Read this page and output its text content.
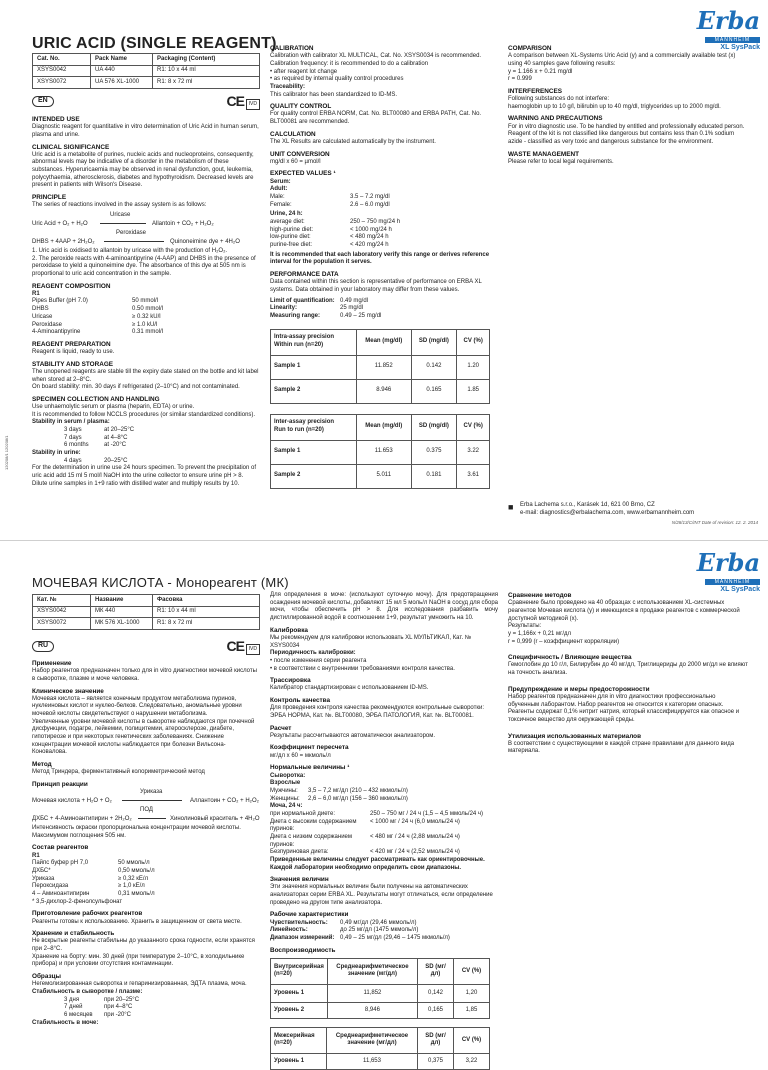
URIC ACID (SINGLE REAGENT)
Cat. No.	Pack Name	Packaging (Content)
XSYS0042	UA 440	R1: 10 x 44 ml
XSYS0072	UA 576 XL-1000	R1: 8 x 72 ml
EN	CE IVD
INTENDED USE
Diagnostic reagent for quantitative in vitro determination of Uric Acid in human serum, plasma and urine.
CLINICAL SIGNIFICANCE
Uric acid is a metabolite of purines, nucleic acids and nucleoproteins, consequently, abnormal levels may be indicative of a disorder in the metabolism of these substances. Hyperuricaemia may be observed in renal dysfunction, gout, leukemia, polycythaemia, atherosclerosis, diabetes and hypothyroidism. Decreased levels are present in patients with Wilson's Disease.
PRINCIPLE
The series of reactions involved in the assay system is as follows:
Uricase
Uric Acid + O₂ + H₂O	Allantoin + CO₂ + H₂O₂
Peroxidase
DHBS + 4AAP + 2H₂O₂	Quinoneimine dye + 4H₂O
1. Uric acid is oxidised to allantoin by uricase with the production of H₂O₂.
2. The peroxide reacts with 4-aminoantipyrine (4-AAP) and DHBS in the presence of peroxidase to yield a quinoneimine dye. The absorbance of this dye at 505 nm is proportional to uric acid concentration in the sample.
REAGENT COMPOSITION
R1
Pipes Buffer (pH 7.0)	50 mmol/l
DHBS	0.50 mmol/l
Uricase	≥ 0.32 kU/l
Peroxidase	≥ 1.0 kU/l
4-Aminoantipyrine	0.31 mmol/l
REAGENT PREPARATION
Reagent is liquid, ready to use.
STABILITY AND STORAGE
The unopened reagents are stable till the expiry date stated on the bottle and kit label when stored at 2–8°C.
On board stability: min. 30 days if refrigerated (2–10°C) and not contaminated.
SPECIMEN COLLECTION AND HANDLING
Use unhaemolytic serum or plasma (heparin, EDTA) or urine.
It is recommended to follow NCCLS procedures (or similar standardized conditions).
Stability in serum / plasma:
3 days	at 20–25°C
7 days	at 4–8°C
6 months	at -20°C
Stability in urine:
4 days	20–25°C
For the determination in urine use 24 hours specimen. To prevent the precipitation of uric acid add 15 ml 5 mol/l NaOH into the urine collector to ensure urine pH > 8. Dilute urine samples in 1+9 ratio with distilled water and multiply results by 10.
120208/1 120208/1
CALIBRATION
Calibration with calibrator XL MULTICAL, Cat. No. XSYS0034 is recommended.
Calibration frequency: it is recommended to do a calibration
• after reagent lot change
• as required by internal quality control procedures
Traceability:
This calibrator has been standardized to ID-MS.
QUALITY CONTROL
For quality control ERBA NORM, Cat. No. BLT00080 and ERBA PATH, Cat. No. BLT00081 are recommended.
CALCULATION
The XL Results are calculated automatically by the instrument.
UNIT CONVERSION
mg/dl x 60 = µmol/l
EXPECTED VALUES ¹
Serum:
Adult:
Male:	3.5 – 7.2 mg/dl
Female:	2.6 – 6.0 mg/dl
Urine, 24 h:
average diet:	250 – 750 mg/24 h
high-purine diet:	< 1000 mg/24 h
low-purine diet:	< 480 mg/24 h
purine-free diet:	< 420 mg/24 h
It is recommended that each laboratory verify this range or derives reference interval for the population it serves.
PERFORMANCE DATA
Data contained within this section is representative of performance on ERBA XL systems. Data obtained in your laboratory may differ from these values.
Limit of quantification: 0.49 mg/dl
Linearity:	25 mg/dl
Measuring range:	0.49 – 25 mg/dl
Intra-assay precision
Within run (n=20)	Mean (mg/dl)	SD (mg/dl)	CV (%)
Sample 1	11.852	0.142	1.20
Sample 2	8.946	0.165	1.85
Inter-assay precision
Run to run (n=20)	Mean (mg/dl)	SD (mg/dl)	CV (%)
Sample 1	11.653	0.375	3.22
Sample 2	5.011	0.181	3.61
Erba
MANNHEIM
XL SysPack
COMPARISON
A comparison between XL-Systems Uric Acid (y) and a commercially available test (x) using 40 samples gave following results:
y = 1.166 x + 0.21 mg/dl
r = 0.999
INTERFERENCES
Following substances do not interfere:
haemoglobin up to 10 g/l, bilirubin up to 40 mg/dl, triglycerides up to 2000 mg/dl.
WARNING AND PRECAUTIONS
For in vitro diagnostic use. To be handled by entitled and professionally educated person.
Reagent of the kit is not classified like dangerous but contains less than 0.1% sodium azide - classified as very toxic and dangerous substance for the environment.
WASTE MANAGEMENT
Please refer to local legal requirements.
■ Erba Lachema s.r.o., Karásek 1d, 621 00 Brno, CZ
e-mail: diagnostics@erbalachema.com, www.erbamannheim.com
N/28/13/C/INT Date of revision: 12. 2. 2014
МОЧЕВАЯ КИСЛОТА - Монореагент (МК)
Erba
MANNHEIM
XL SysPack
Кат. №	Название	Фасовка
XSYS0042	МК 440	R1: 10 x 44 ml
XSYS0072	МК 576 XL-1000	R1: 8 x 72 ml
RU	CE IVD
Применение
Набор реагентов предназначен только для in vitro диагностики мочевой кислоты в сыворотке, плазме и моче человека.
Клиническое значение
Мочевая кислота – является конечным продуктом метаболизма пуринов, нуклеиновых кислот и нуклео-белков. Следовательно, аномальные уровни мочевой кислоты свидетельствуют о нарушении метаболизма.
Увеличенные уровни мочевой кислоты в сыворотке наблюдаются при почечной дисфункции, подагре, лейкемии, полицитемии, атеросклерозе, диабете, гипотиреозе и при некоторых генетических заболеваниях. Снижение концентрации мочевой кислоты наблюдается при болезни Вильсона-Коновалова.
Метод
Метод Триндера, ферментативный колориметрический метод
Принцип реакции
Уриказа
Мочевая кислота + H₂O + O₂	Аллантоин + CO₂ + H₂O₂
ПОД
ДХБС + 4-Аминоантипирин + 2H₂O₂	Хинолиновый краситель + 4H₂O
Интенсивность окраски пропорциональна концентрации мочевой кислоты. Максимумом поглощения 505 нм.
Состав реагентов
R1
Пайпс буфер pH 7,0	50 ммоль/л
ДХБС*	0,50 ммоль/л
Уриказа	≥ 0,32 кЕ/л
Пероксидаза	≥ 1,0 кЕ/л
4 – Аминоантипирин	0,31 ммоль/л
* 3,5-дихлор-2-фенолсульфонат
Приготовление рабочих реагентов
Реагенты готовы к использованию. Хранить в защищенном от света месте.
Хранение и стабильность
Не вскрытые реагенты стабильны до указанного срока годности, если хранятся при 2–8°С.
Хранение на борту: мин. 30 дней (при температуре 2–10°С, в холодильнике прибора) и при условии отсутствия контаминации.
Образцы
Негемолизированная сыворотка и гепаринизированная, ЭДТА плазма, моча.
Стабильность в сыворотке / плазме:
3 дня	при 20–25°С
7 дней	при 4–8°С
6 месяцев	при -20°С
Стабильность в моче:
Для определения в моче: (используют суточную мочу). Для предотвращения осаждения мочевой кислоты, добавляют 15 мл 5 моль/л NaOH в сосуд для сбора мочи, чтобы обеспечить pH > 8. Для исследования разбавить мочу дистиллированной водой в соотношении 1+9, результат умножить на 10.
Калибровка
Мы рекомендуем для калибровки использовать XL МУЛЬТИКАЛ, Кат. № XSYS0034
Периодичность калибровки:
• после изменения серии реагента
• в соответствии с внутренними требованиями контроля качества.
Трассировка
Калибратор стандартизирован с использованием ID-MS.
Контроль качества
Для проведения контроля качества рекомендуются контрольные сыворотки: ЭРБА НОРМА, Кат. №. BLT00080, ЭРБА ПАТОЛОГИЯ, Кат. №. BLT00081.
Расчет
Результаты рассчитываются автоматически анализатором.
Коэффициент пересчета
мг/дл x 60 = мкмоль/л
Нормальные величины ¹
Сыворотка:
Взрослые
Мужчины:	3,5 – 7,2 мг/дл (210 – 432 мкмоль/л)
Женщины:	2,6 – 6,0 мг/дл (156 – 360 мкмоль/л)
Моча, 24 ч:
при нормальной диете:	250 – 750 мг / 24 ч (1,5 – 4,5 ммоль/24 ч)
Диета с высоким содержанием пуринов:
< 1000 мг / 24 ч (6,0 ммоль/24 ч)
Диета с низким содержанием пуринов:
< 480 мг / 24 ч (2,88 ммоль/24 ч)
Безпуриновая диета:	< 420 мг / 24 ч (2,52 ммоль/24 ч)
Приведенные величины следует рассматривать как ориентировочные. Каждой лаборатории необходимо определить свои диапазоны.
Значения величин
Эти значения нормальных величин были получены на автоматических анализаторах серии ERBA XL. Результаты могут отличаться, если определение проведено на другом типе анализатора.
Рабочие характеристики
Чувствительность:	0,49 мг/дл (29,46 мкмоль/л)
Линейность:	до 25 мг/дл (1475 мкмоль/л)
Диапазон измерений: 0,49 – 25 мг/дл (29,46 – 1475 мкмоль/л)
Воспроизводимость
Внутрисерийная (n=20)	Среднеарифметическое значение (мг/дл)	SD (мг/дл)	CV (%)
Уровень 1	11,852	0,142	1,20
Уровень 2	8,946	0,165	1,85
Межсерийная (n=20)	Среднеарифметическое значение (мг/дл)	SD (мг/дл)	CV (%)
Уровень 1	11,653	0,375	3,22
Сравнение методов
Сравнение было проведено на 40 образцах с использованием XL-системных реагентов Мочевая кислота (y) и имеющихся в продаже реагентов с коммерческой доступной методикой (x).
Результаты:
y = 1,166x + 0,21 мг/дл
r = 0,999 (r – коэффициент корреляции)
Специфичность / Влияющие вещества
Гемоглобин до 10 г/л, Билирубин до 40 мг/дл, Триглицериды до 2000 мг/дл не влияют на точность анализа.
Предупреждение и меры предосторожности
Набор реагентов предназначен для in vitro диагностики профессионально обученным лаборантом. Набор реагентов не относится к категории опасных. Реагенты содержат 0,1% нитрит натрия, который классифицируется как опасное и токсичное вещество для окружающей среды.
Утилизация использованных материалов
В соответствии с существующими в каждой стране правилами для данного вида материала.
